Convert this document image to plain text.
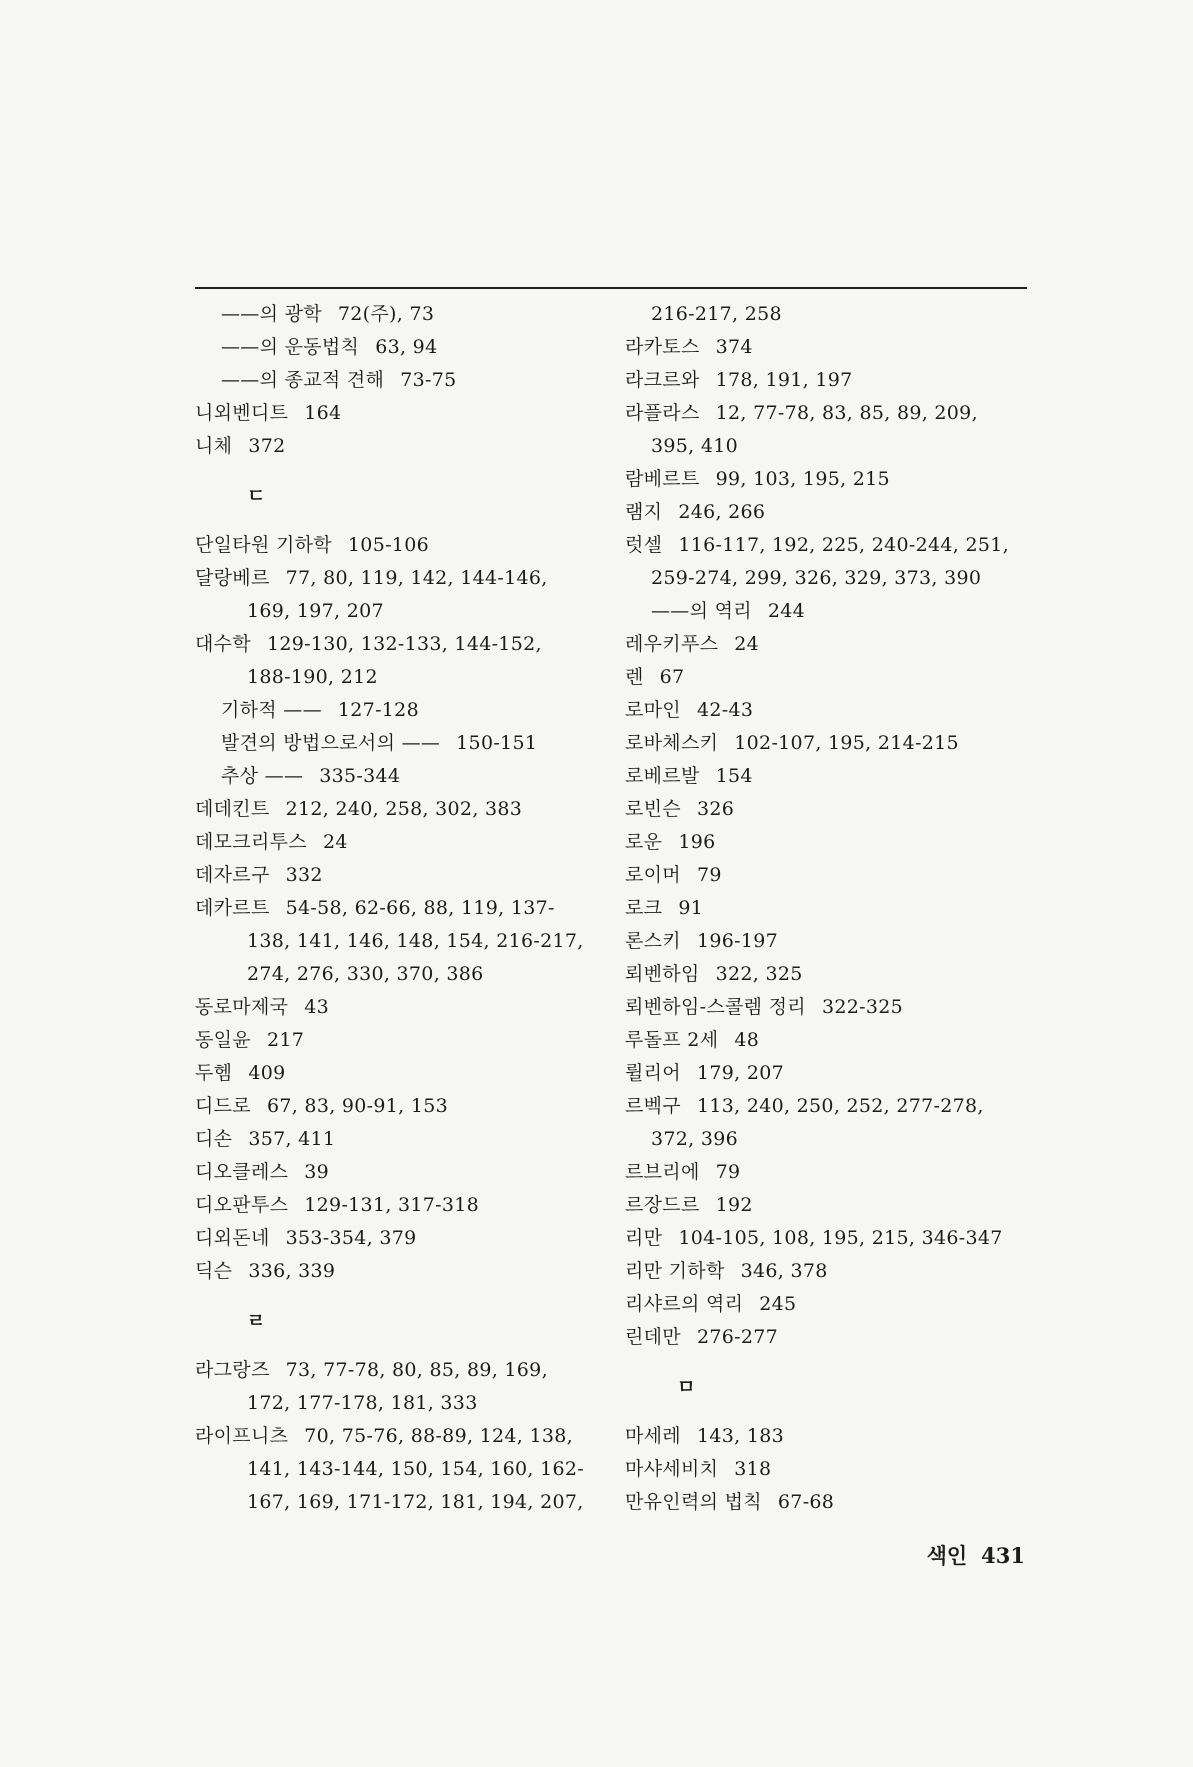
——의 광학 72(주), 73
——의 운동법칙 63, 94
——의 종교적 견해 73-75
니외벤디트 164
니체 372
ㄷ
단일타원 기하학 105-106
달랑베르 77, 80, 119, 142, 144-146,
169, 197, 207
대수학 129-130, 132-133, 144-152,
188-190, 212
기하적 —— 127-128
발견의 방법으로서의 —— 150-151
추상 —— 335-344
데데킨트 212, 240, 258, 302, 383
데모크리투스 24
데자르구 332
데카르트 54-58, 62-66, 88, 119, 137-
138, 141, 146, 148, 154, 216-217,
274, 276, 330, 370, 386
동로마제국 43
동일윤 217
두헴 409
디드로 67, 83, 90-91, 153
디손 357, 411
디오클레스 39
디오판투스 129-131, 317-318
디외돈네 353-354, 379
딕슨 336, 339
ㄹ
라그랑즈 73, 77-78, 80, 85, 89, 169,
172, 177-178, 181, 333
라이프니츠 70, 75-76, 88-89, 124, 138,
141, 143-144, 150, 154, 160, 162-
167, 169, 171-172, 181, 194, 207,
216-217, 258
라카토스 374
라크르와 178, 191, 197
라플라스 12, 77-78, 83, 85, 89, 209,
395, 410
람베르트 99, 103, 195, 215
램지 246, 266
럿셀 116-117, 192, 225, 240-244, 251,
259-274, 299, 326, 329, 373, 390
——의 역리 244
레우키푸스 24
렌 67
로마인 42-43
로바체스키 102-107, 195, 214-215
로베르발 154
로빈슨 326
로운 196
로이머 79
로크 91
론스키 196-197
뢰벤하임 322, 325
뢰벤하임-스콜렘 정리 322-325
루돌프 2세 48
륄리어 179, 207
르벡구 113, 240, 250, 252, 277-278,
372, 396
르브리에 79
르장드르 192
리만 104-105, 108, 195, 215, 346-347
리만 기하학 346, 378
리샤르의 역리 245
린데만 276-277
ㅁ
마세레 143, 183
마샤세비치 318
만유인력의 법칙 67-68
색인 431
